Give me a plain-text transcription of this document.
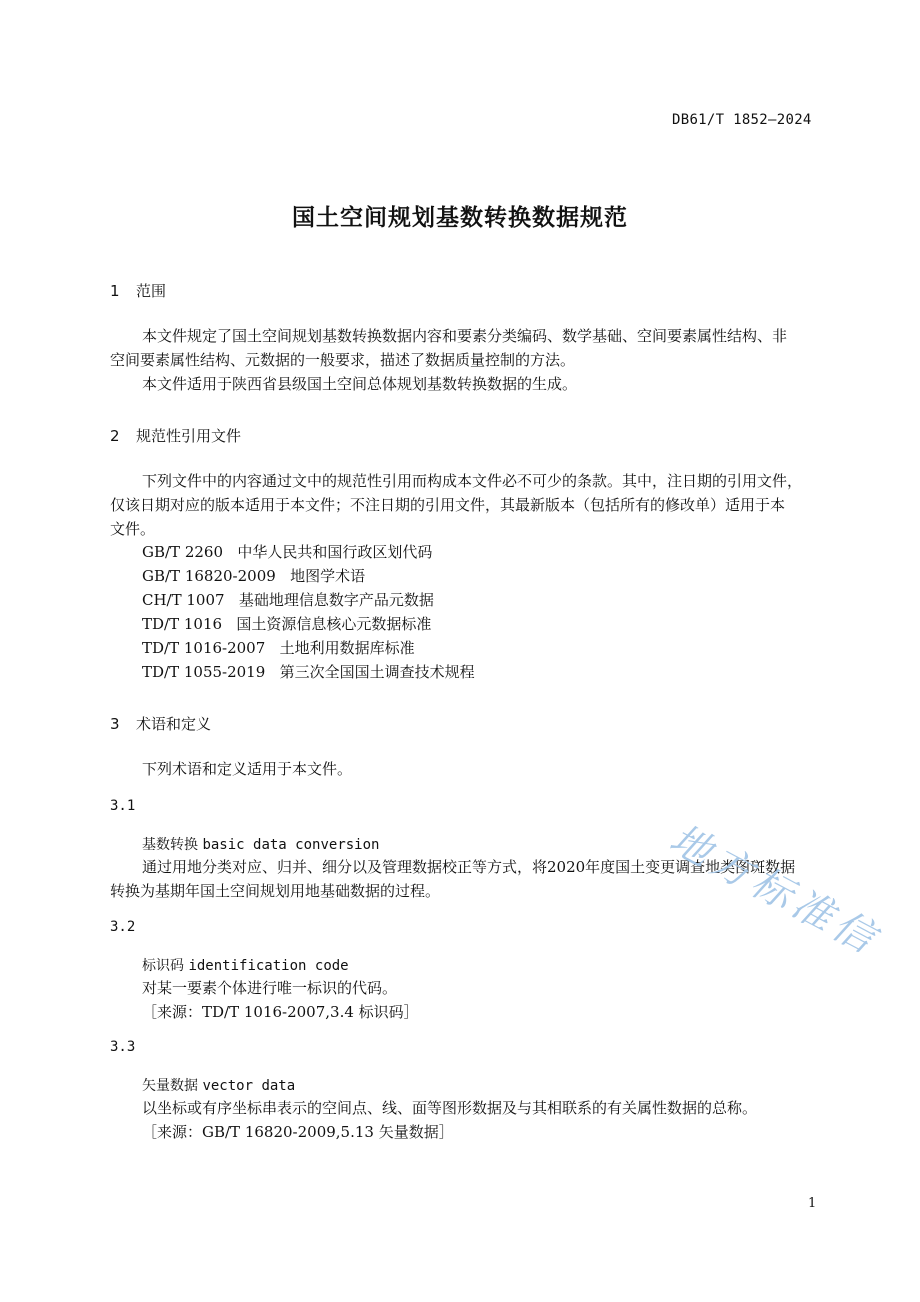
DB61/T 1852—2024
国土空间规划基数转换数据规范
1 范围
本文件规定了国土空间规划基数转换数据内容和要素分类编码、数学基础、空间要素属性结构、非
空间要素属性结构、元数据的一般要求，描述了数据质量控制的方法。
本文件适用于陕西省县级国土空间总体规划基数转换数据的生成。
2 规范性引用文件
下列文件中的内容通过文中的规范性引用而构成本文件必不可少的条款。其中，注日期的引用文件，
仅该日期对应的版本适用于本文件；不注日期的引用文件，其最新版本（包括所有的修改单）适用于本
文件。
GB/T 2260 中华人民共和国行政区划代码
GB/T 16820-2009 地图学术语
CH/T 1007 基础地理信息数字产品元数据
TD/T 1016 国土资源信息核心元数据标准
TD/T 1016-2007 土地利用数据库标准
TD/T 1055-2019 第三次全国国土调查技术规程
3 术语和定义
下列术语和定义适用于本文件。
3.1
基数转换 basic data conversion
通过用地分类对应、归并、细分以及管理数据校正等方式，将2020年度国土变更调查地类图斑数据
转换为基期年国土空间规划用地基础数据的过程。
3.2
标识码 identification code
对某一要素个体进行唯一标识的代码。
［来源：TD/T 1016-2007,3.4 标识码］
3.3
矢量数据 vector data
以坐标或有序坐标串表示的空间点、线、面等图形数据及与其相联系的有关属性数据的总称。
［来源：GB/T 16820-2009,5.13 矢量数据］
1
地方标准信
